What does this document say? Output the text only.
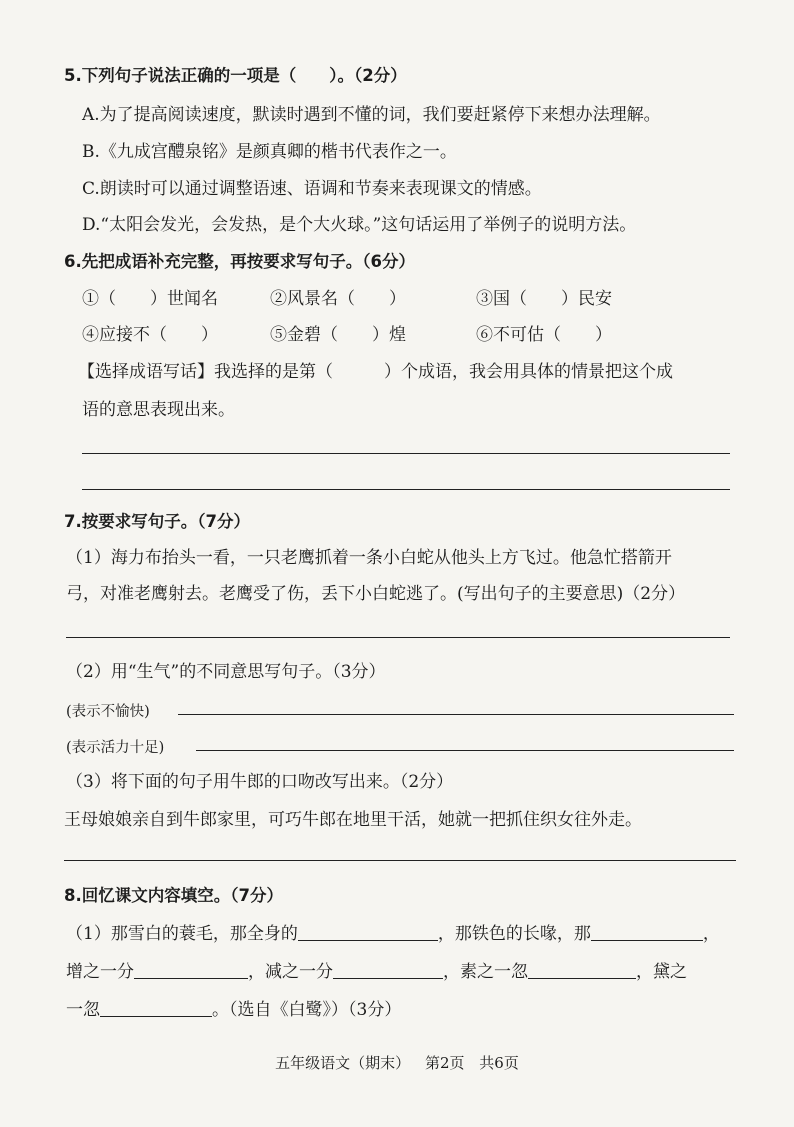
5.下列句子说法正确的一项是（　　）。（2分）
A.为了提高阅读速度，默读时遇到不懂的词，我们要赶紧停下来想办法理解。
B.《九成宫醴泉铭》是颜真卿的楷书代表作之一。
C.朗读时可以通过调整语速、语调和节奏来表现课文的情感。
D.“太阳会发光，会发热，是个大火球。”这句话运用了举例子的说明方法。
6.先把成语补充完整，再按要求写句子。（6分）
①（　　）世闻名	②风景名（　　）	③国（　　）民安
④应接不（　　）	⑤金碧（　　）煌	⑥不可估（　　）
【选择成语写话】我选择的是第（　　　）个成语，我会用具体的情景把这个成
语的意思表现出来。
7.按要求写句子。（7分）
（1）海力布抬头一看，一只老鹰抓着一条小白蛇从他头上方飞过。他急忙搭箭开
弓，对准老鹰射去。老鹰受了伤，丢下小白蛇逃了。(写出句子的主要意思)（2分）
（2）用“生气”的不同意思写句子。（3分）
(表示不愉快)
(表示活力十足)
（3）将下面的句子用牛郎的口吻改写出来。（2分）
王母娘娘亲自到牛郎家里，可巧牛郎在地里干活，她就一把抓住织女往外走。
8.回忆课文内容填空。（7分）
（1）那雪白的蓑毛，那全身的	，那铁色的长喙，那	，
增之一分	，减之一分	，素之一忽	，黛之
一忽	。（选自《白鹭》）（3分）
五年级语文（期末） 第2页 共6页
